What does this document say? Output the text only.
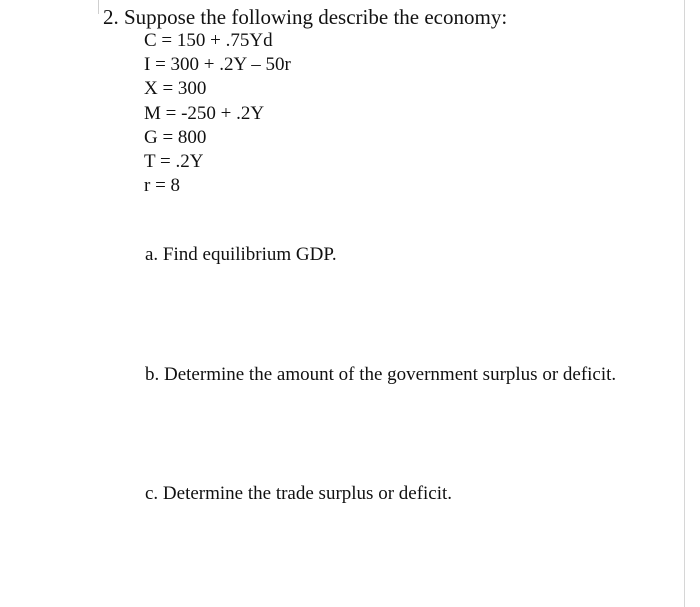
2. Suppose the following describe the economy:
C = 150 + .75Yd
I = 300 + .2Y – 50r
X = 300
M = -250 + .2Y
G = 800
T = .2Y
r = 8
a. Find equilibrium GDP.
b. Determine the amount of the government surplus or deficit.
c. Determine the trade surplus or deficit.
